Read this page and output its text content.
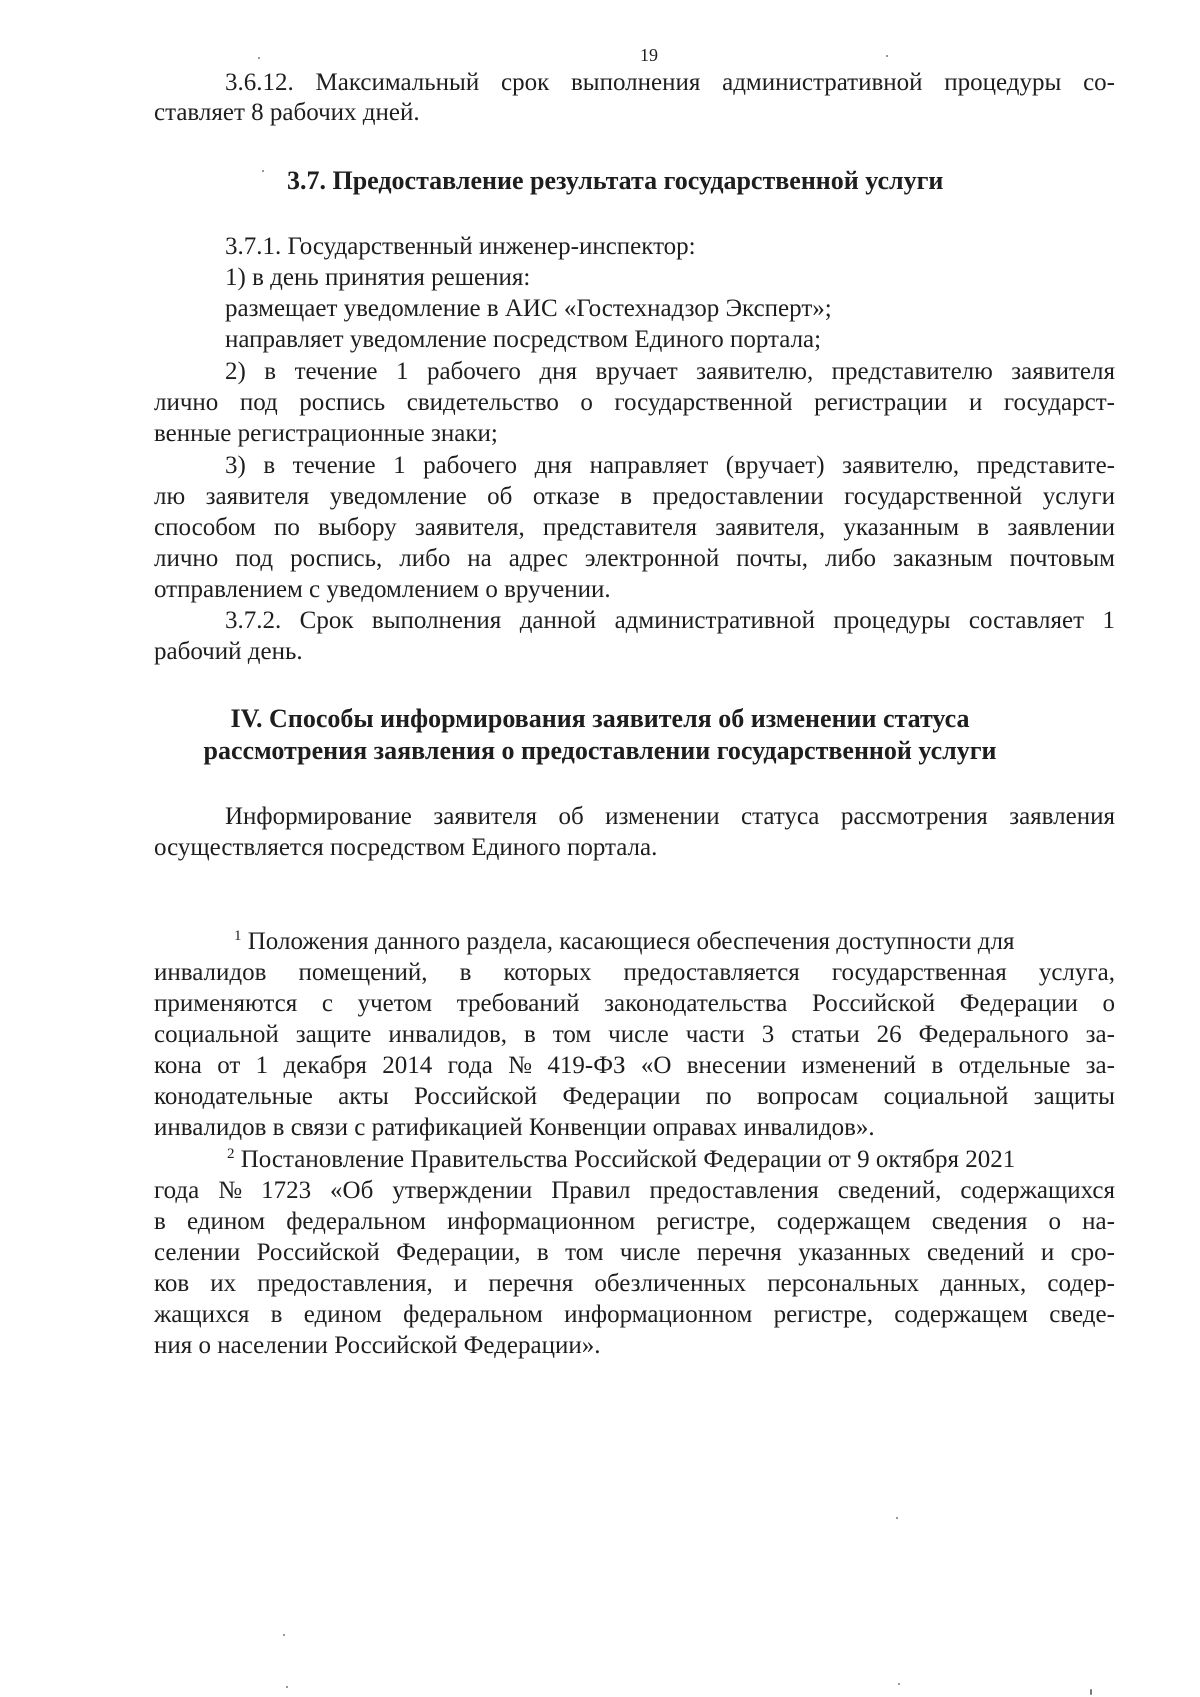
19
3.6.12. Максимальный срок выполнения административной процедуры со-
ставляет 8 рабочих дней.
3.7. Предоставление результата государственной услуги
3.7.1. Государственный инженер-инспектор:
1) в день принятия решения:
размещает уведомление в АИС «Гостехнадзор Эксперт»;
направляет уведомление посредством Единого портала;
2) в течение 1 рабочего дня вручает заявителю, представителю заявителя
лично под роспись свидетельство о государственной регистрации и государст-
венные регистрационные знаки;
3) в течение 1 рабочего дня направляет (вручает) заявителю, представите-
лю заявителя уведомление об отказе в предоставлении государственной услуги
способом по выбору заявителя, представителя заявителя, указанным в заявлении
лично под роспись, либо на адрес электронной почты, либо заказным почтовым
отправлением с уведомлением о вручении.
3.7.2. Срок выполнения данной административной процедуры составляет 1
рабочий день.
IV. Способы информирования заявителя об изменении статуса
рассмотрения заявления о предоставлении государственной услуги
Информирование заявителя об изменении статуса рассмотрения заявления
осуществляется посредством Единого портала.
$^1$ Положения данного раздела, касающиеся обеспечения доступности для
инвалидов помещений, в которых предоставляется государственная услуга,
применяются с учетом требований законодательства Российской Федерации о
социальной защите инвалидов, в том числе части 3 статьи 26 Федерального за-
кона от 1 декабря 2014 года № 419-ФЗ «О внесении изменений в отдельные за-
конодательные акты Российской Федерации по вопросам социальной защиты
инвалидов в связи с ратификацией Конвенции оправах инвалидов».
$^2$ Постановление Правительства Российской Федерации от 9 октября 2021
года № 1723 «Об утверждении Правил предоставления сведений, содержащихся
в едином федеральном информационном регистре, содержащем сведения о на-
селении Российской Федерации, в том числе перечня указанных сведений и сро-
ков их предоставления, и перечня обезличенных персональных данных, содер-
жащихся в едином федеральном информационном регистре, содержащем сведе-
ния о населении Российской Федерации».
